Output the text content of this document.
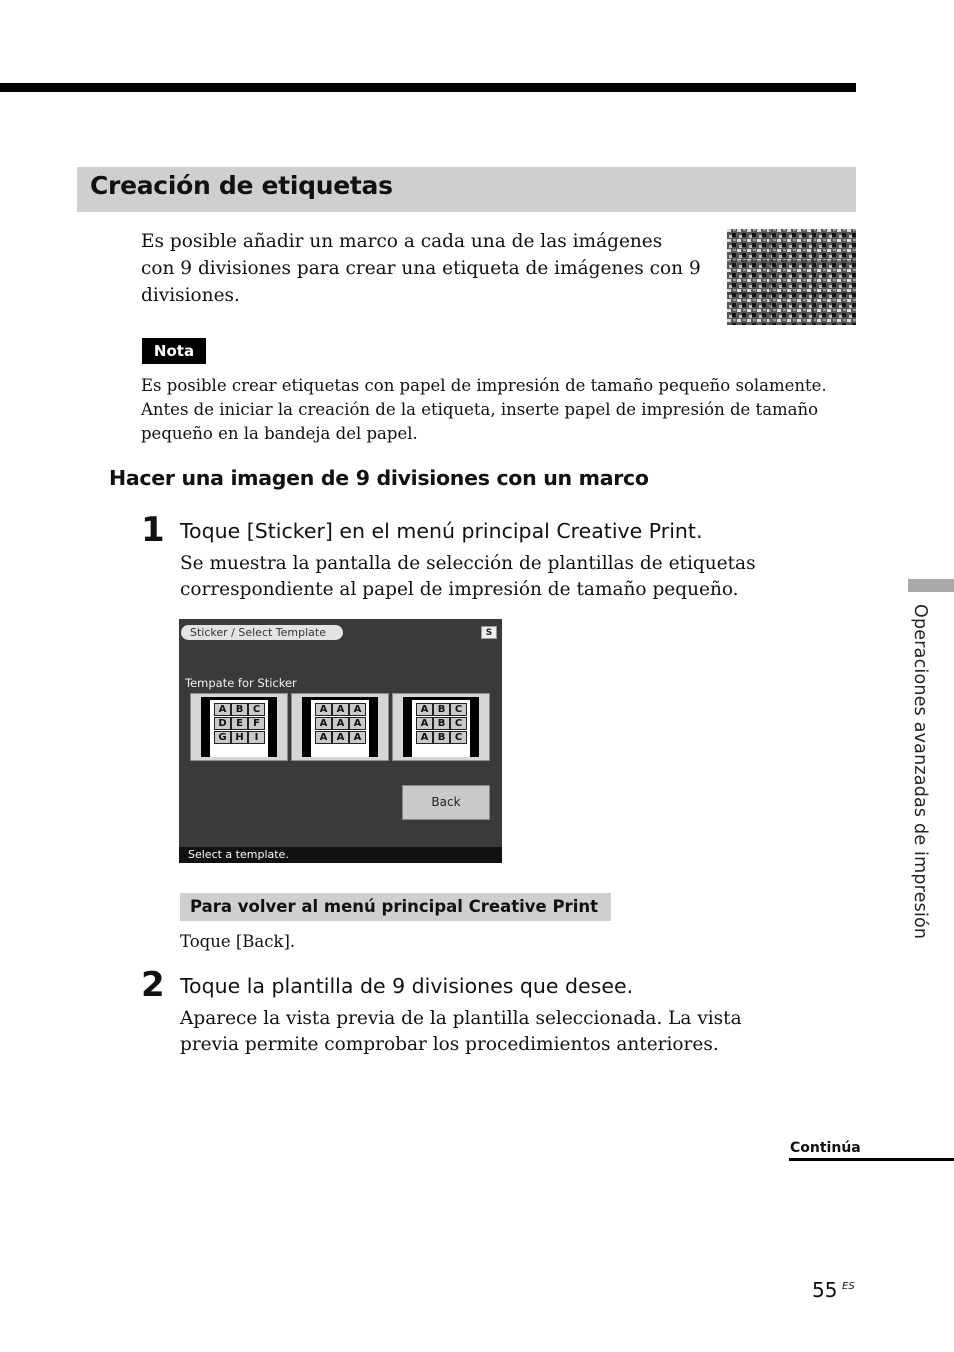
Creación de etiquetas
Es posible añadir un marco a cada una de las imágenes con 9 divisiones para crear una etiqueta de imágenes con 9 divisiones.
Nota
Es posible crear etiquetas con papel de impresión de tamaño pequeño solamente. Antes de iniciar la creación de la etiqueta, inserte papel de impresión de tamaño pequeño en la bandeja del papel.
Hacer una imagen de 9 divisiones con un marco
1 Toque [Sticker] en el menú principal Creative Print.
Se muestra la pantalla de selección de plantillas de etiquetas correspondiente al papel de impresión de tamaño pequeño.
Sticker / Select Template	S
Tempate for Sticker
A B C
D E	F
G H	I
A A A
A A A
A A A
A B C
A B C
A B C
Back
Select a template.
Para volver al menú principal Creative Print
Toque [Back].
2 Toque la plantilla de 9 divisiones que desee.
Aparece la vista previa de la plantilla seleccionada. La vista previa permite comprobar los procedimientos anteriores.
Operaciones avanzadas de impresión
Continúa
55 ES
